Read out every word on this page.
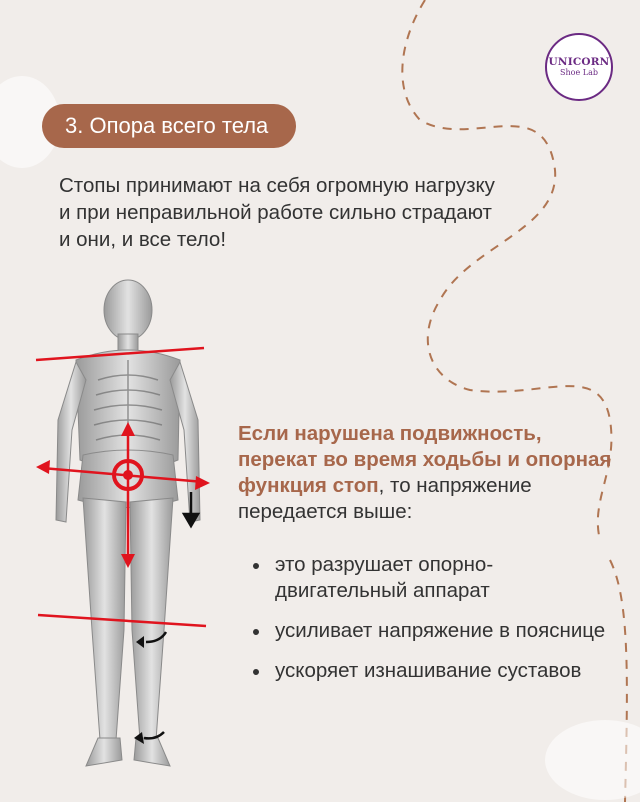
UNICORN
Shoe Lab
3. Опора всего тела

Стопы принимают на себя огромную нагрузку и при неправильной работе сильно страдают и они, и все тело!

Если нарушена подвижность, перекат во время ходьбы и опорная функция стоп, то напряжение передается выше:

это разрушает опорно-двигательный аппарат
усиливает напряжение в пояснице
ускоряет изнашивание суставов
